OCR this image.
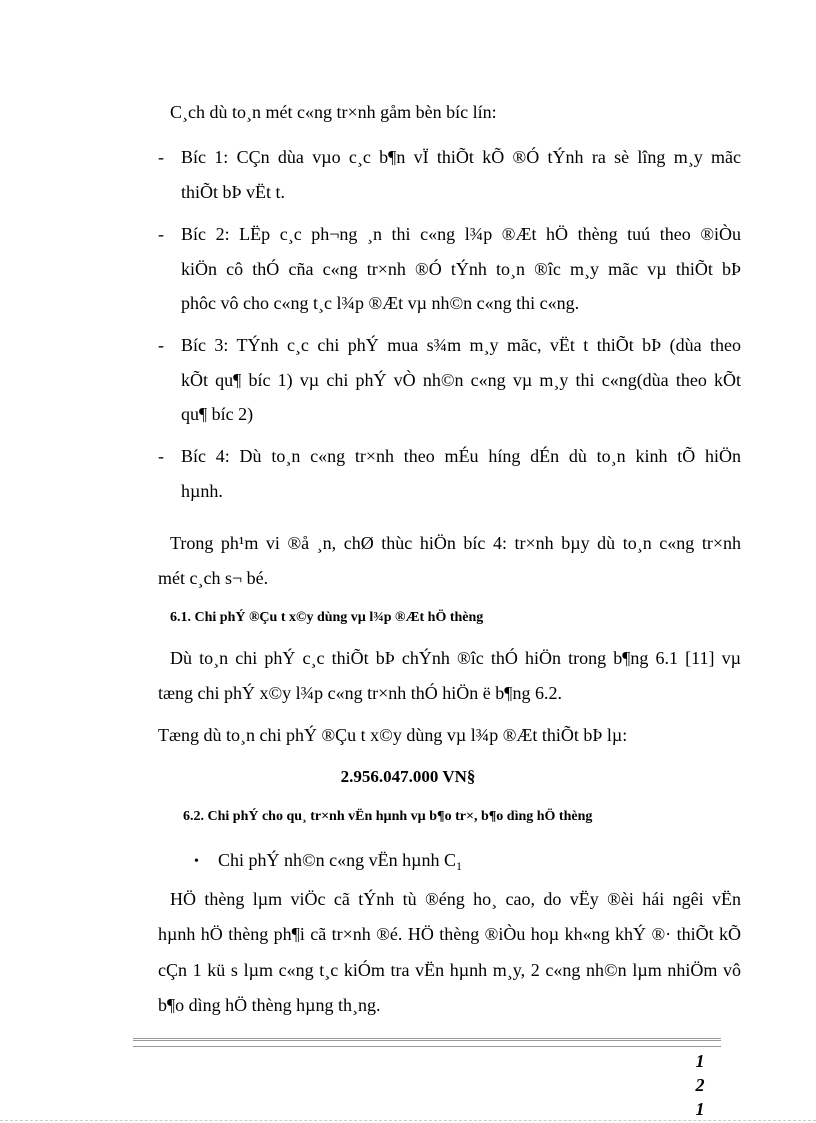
C¸ch dù to¸n mét c«ng tr×nh gåm bèn bíc lín:
- Bíc 1: CÇn dùa vµo c¸c b¶n vÏ thiÕt kÕ ®Ó tÝnh ra sè lîng m¸y mãc
thiÕt bÞ vËt t.
- Bíc 2: LËp c¸c ph¬ng ¸n thi c«ng l¾p ®Æt hÖ thèng tuú theo ®iÒu
kiÖn cô thÓ cña c«ng tr×nh ®Ó tÝnh to¸n ®îc m¸y mãc vµ thiÕt bÞ
phôc vô cho c«ng t¸c l¾p ®Æt vµ nh©n c«ng thi c«ng.
- Bíc 3: TÝnh c¸c chi phÝ mua s¾m m¸y mãc, vËt t thiÕt bÞ (dùa theo
kÕt qu¶ bíc 1) vµ chi phÝ vÒ nh©n c«ng vµ m¸y thi c«ng(dùa theo kÕt
qu¶ bíc 2)
- Bíc 4: Dù to¸n c«ng tr×nh theo mÉu híng dÉn dù to¸n kinh tÕ hiÖn
hµnh.
Trong ph¹m vi ®å ¸n, chØ thùc hiÖn bíc 4: tr×nh bµy dù to¸n c«ng tr×nh
mét c¸ch s¬ bé.
6.1. Chi phÝ ®Çu t x©y dùng vµ l¾p ®Æt hÖ thèng
Dù to¸n chi phÝ c¸c thiÕt bÞ chÝnh ®îc thÓ hiÖn trong b¶ng 6.1 [11] vµ
tæng chi phÝ x©y l¾p c«ng tr×nh thÓ hiÖn ë b¶ng 6.2.
Tæng dù to¸n chi phÝ ®Çu t x©y dùng vµ l¾p ®Æt thiÕt bÞ lµ:
2.956.047.000 VN§
6.2. Chi phÝ cho qu¸ tr×nh vËn hµnh vµ b¶o tr×, b¶o dìng hÖ thèng
• Chi phÝ nh©n c«ng vËn hµnh $C_1$
HÖ thèng lµm viÖc cã tÝnh tù ®éng ho¸ cao, do vËy ®èi hái ngêi vËn
hµnh hÖ thèng ph¶i cã tr×nh ®é. HÖ thèng ®iÒu hoµ kh«ng khÝ ®· thiÕt kÕ
cÇn 1 kü s lµm c«ng t¸c kiÓm tra vËn hµnh m¸y, 2 c«ng nh©n lµm nhiÖm vô
b¶o dìng hÖ thèng hµng th¸ng.
1
2
1
